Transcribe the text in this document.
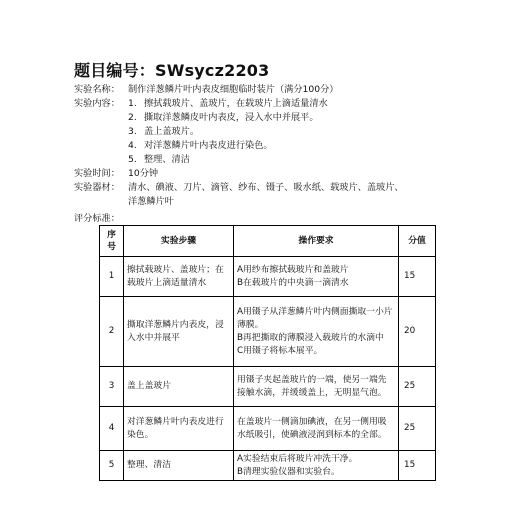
题目编号：SWsycz2203
实验名称： 制作洋葱鳞片叶内表皮细胞临时装片（满分100分）
实验内容： 1. 擦拭载玻片、盖玻片，在载玻片上滴适量清水
2. 撕取洋葱鳞皮叶内表皮，浸入水中并展平。
3. 盖上盖玻片。
4. 对洋葱鳞片叶内表皮进行染色。
5. 整理、清洁
实验时间： 10分钟
实验器材： 清水、碘液、刀片、滴管、纱布、镊子、吸水纸、载玻片、盖玻片、
洋葱鳞片叶
评分标准：
序号	实验步骤	操作要求	分值
1	擦拭载玻片、盖玻片；在载玻片上滴适量清水	A用纱布擦拭载玻片和盖玻片
B在载玻片的中央滴一滴清水	15
2	撕取洋葱鳞片内表皮，浸入水中并展平	A用镊子从洋葱鳞片叶内侧面撕取一小片薄膜。
B再把撕取的薄膜浸入载玻片的水滴中
C用镊子将标本展平。	20
3	盖上盖玻片	用镊子夹起盖玻片的一端，使另一端先接触水滴，并缓缓盖上，无明显气泡。	25
4	对洋葱鳞片叶内表皮进行染色。	在盖玻片一侧滴加碘液，在另一侧用吸水纸吸引，使碘液浸润到标本的全部。	25
5	整理、清洁	A实验结束后将玻片冲洗干净。
B清理实验仪器和实验台。	15
